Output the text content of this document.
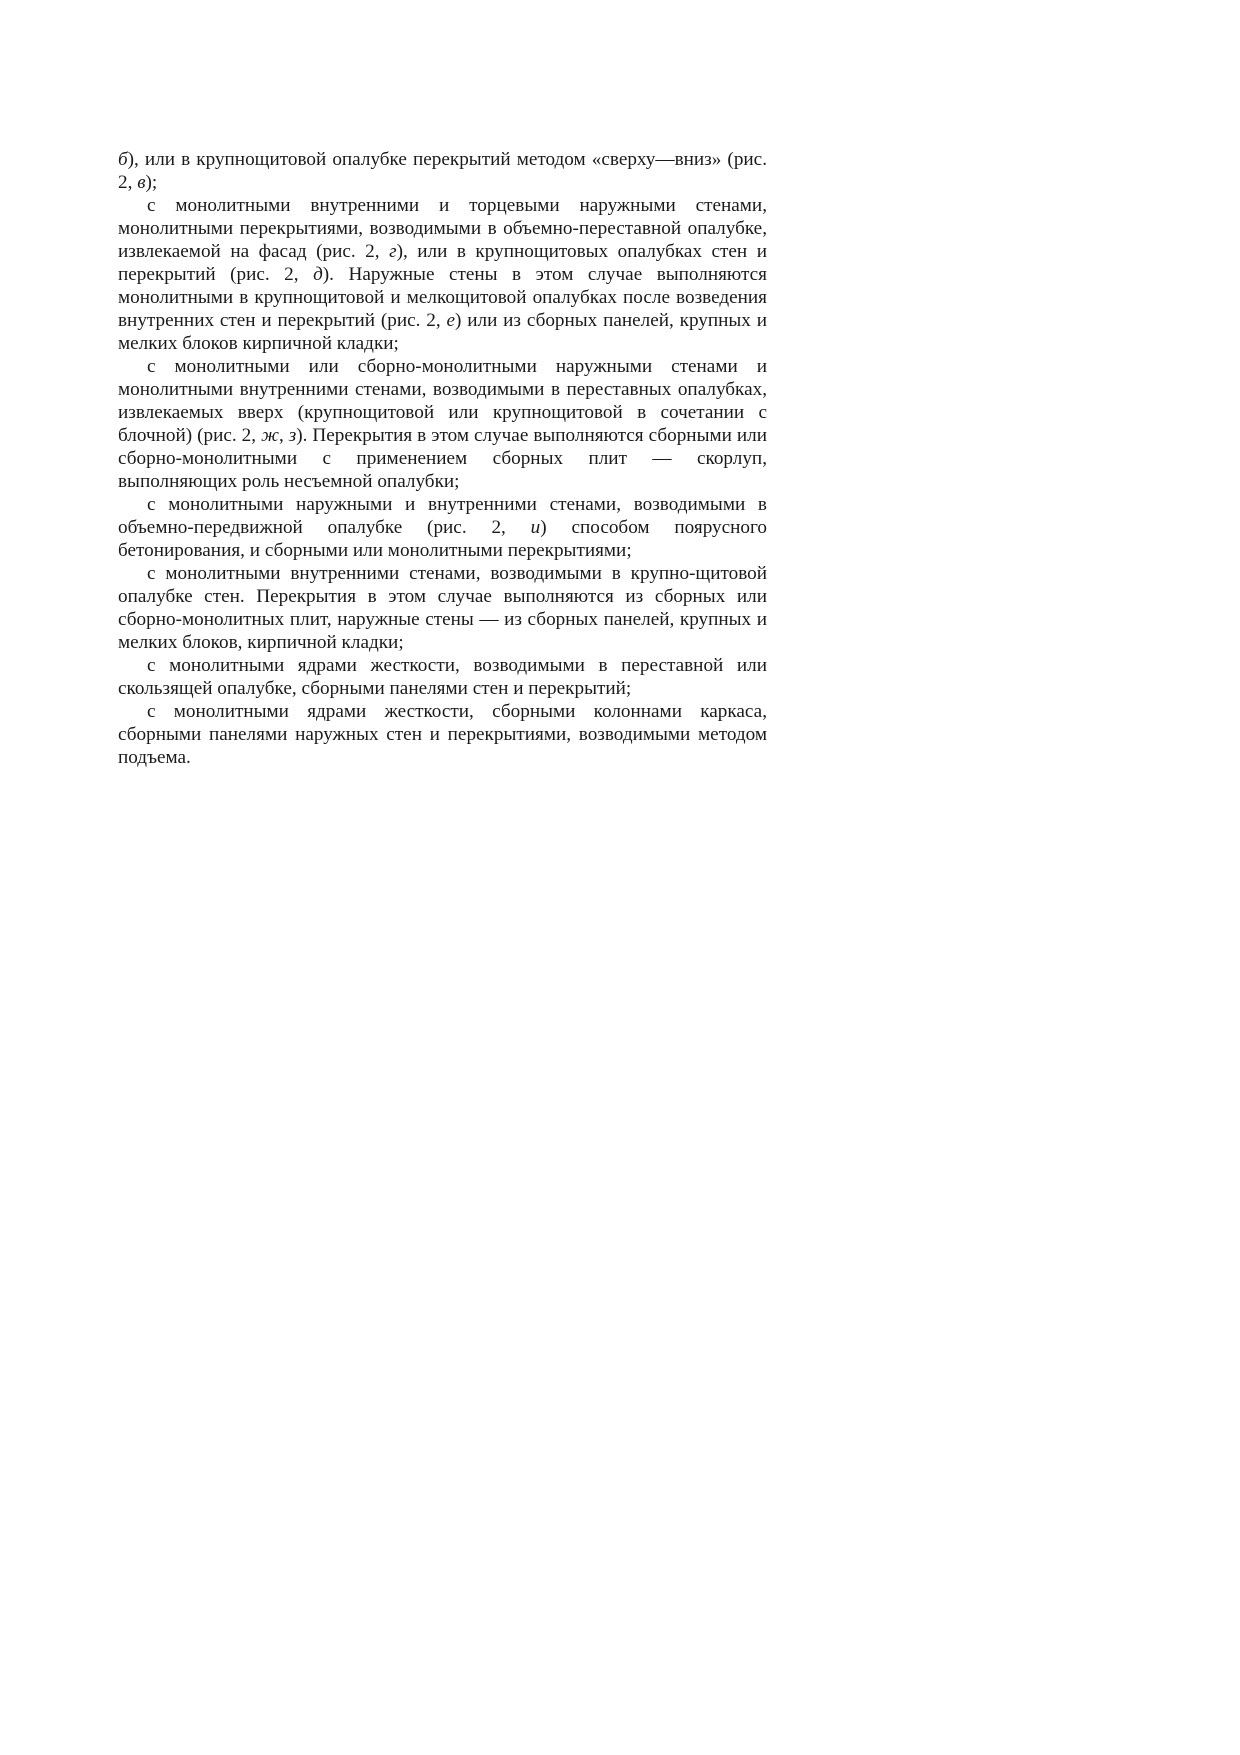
б), или в крупнощитовой опалубке перекрытий методом «сверху—вниз» (рис. 2, в);

с монолитными внутренними и торцевыми наружными стенами, монолитными перекрытиями, возводимыми в объемно-переставной опалубке, извлекаемой на фасад (рис. 2, г), или в крупнощитовых опалубках стен и перекрытий (рис. 2, д). Наружные стены в этом случае выполняются монолитными в крупнощитовой и мелкощитовой опалубках после возведения внутренних стен и перекрытий (рис. 2, е) или из сборных панелей, крупных и мелких блоков кирпичной кладки;

с монолитными или сборно-монолитными наружными стенами и монолитными внутренними стенами, возводимыми в переставных опалубках, извлекаемых вверх (крупнощитовой или крупнощитовой в сочетании с блочной) (рис. 2, ж, з). Перекрытия в этом случае выполняются сборными или сборно-монолитными с применением сборных плит — скорлуп, выполняющих роль несъемной опалубки;

с монолитными наружными и внутренними стенами, возводимыми в объемно-передвижной опалубке (рис. 2, и) способом поярусного бетонирования, и сборными или монолитными перекрытиями;

с монолитными внутренними стенами, возводимыми в крупно-щитовой опалубке стен. Перекрытия в этом случае выполняются из сборных или сборно-монолитных плит, наружные стены — из сборных панелей, крупных и мелких блоков, кирпичной кладки;

с монолитными ядрами жесткости, возводимыми в переставной или скользящей опалубке, сборными панелями стен и перекрытий;

с монолитными ядрами жесткости, сборными колоннами каркаса, сборными панелями наружных стен и перекрытиями, возводимыми методом подъема.
